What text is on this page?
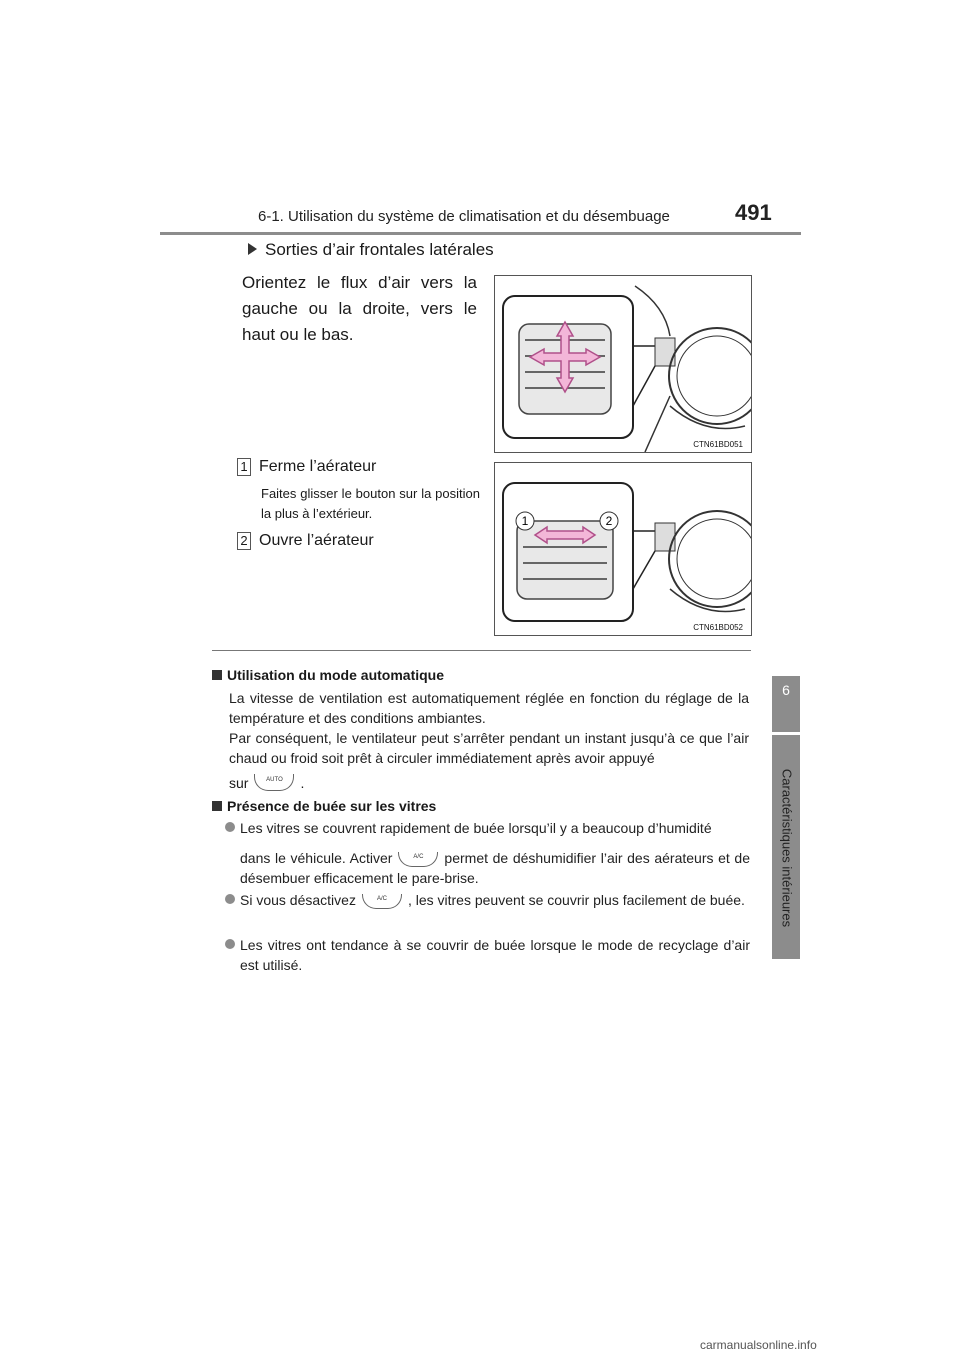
6-1. Utilisation du système de climatisation et du désembuage	491
6
Caractéristiques intérieures
Sorties d’air frontales latérales
Orientez le flux d’air vers la gauche ou la droite, vers le haut ou le bas.
CTN61BD051
1 Ferme l’aérateur
Faites glisser le bouton sur la position la plus à l’extérieur.
2 Ouvre l’aérateur
1	2
CTN61BD052
Utilisation du mode automatique
La vitesse de ventilation est automatiquement réglée en fonction du réglage de la température et des conditions ambiantes.
Par conséquent, le ventilateur peut s’arrêter pendant un instant jusqu’à ce que l’air chaud ou froid soit prêt à circuler immédiatement après avoir appuyé
sur	AUTO	.
Présence de buée sur les vitres
Les vitres se couvrent rapidement de buée lorsqu’il y a beaucoup d’humidité
dans le véhicule. Activer	A/C permet de déshumidifier l’air des aérateurs et de désembuer efficacement le pare-brise.
Si vous désactivez	A/C , les vitres peuvent se couvrir plus facilement de buée.
Les vitres ont tendance à se couvrir de buée lorsque le mode de recyclage d’air est utilisé.
carmanualsonline.info
